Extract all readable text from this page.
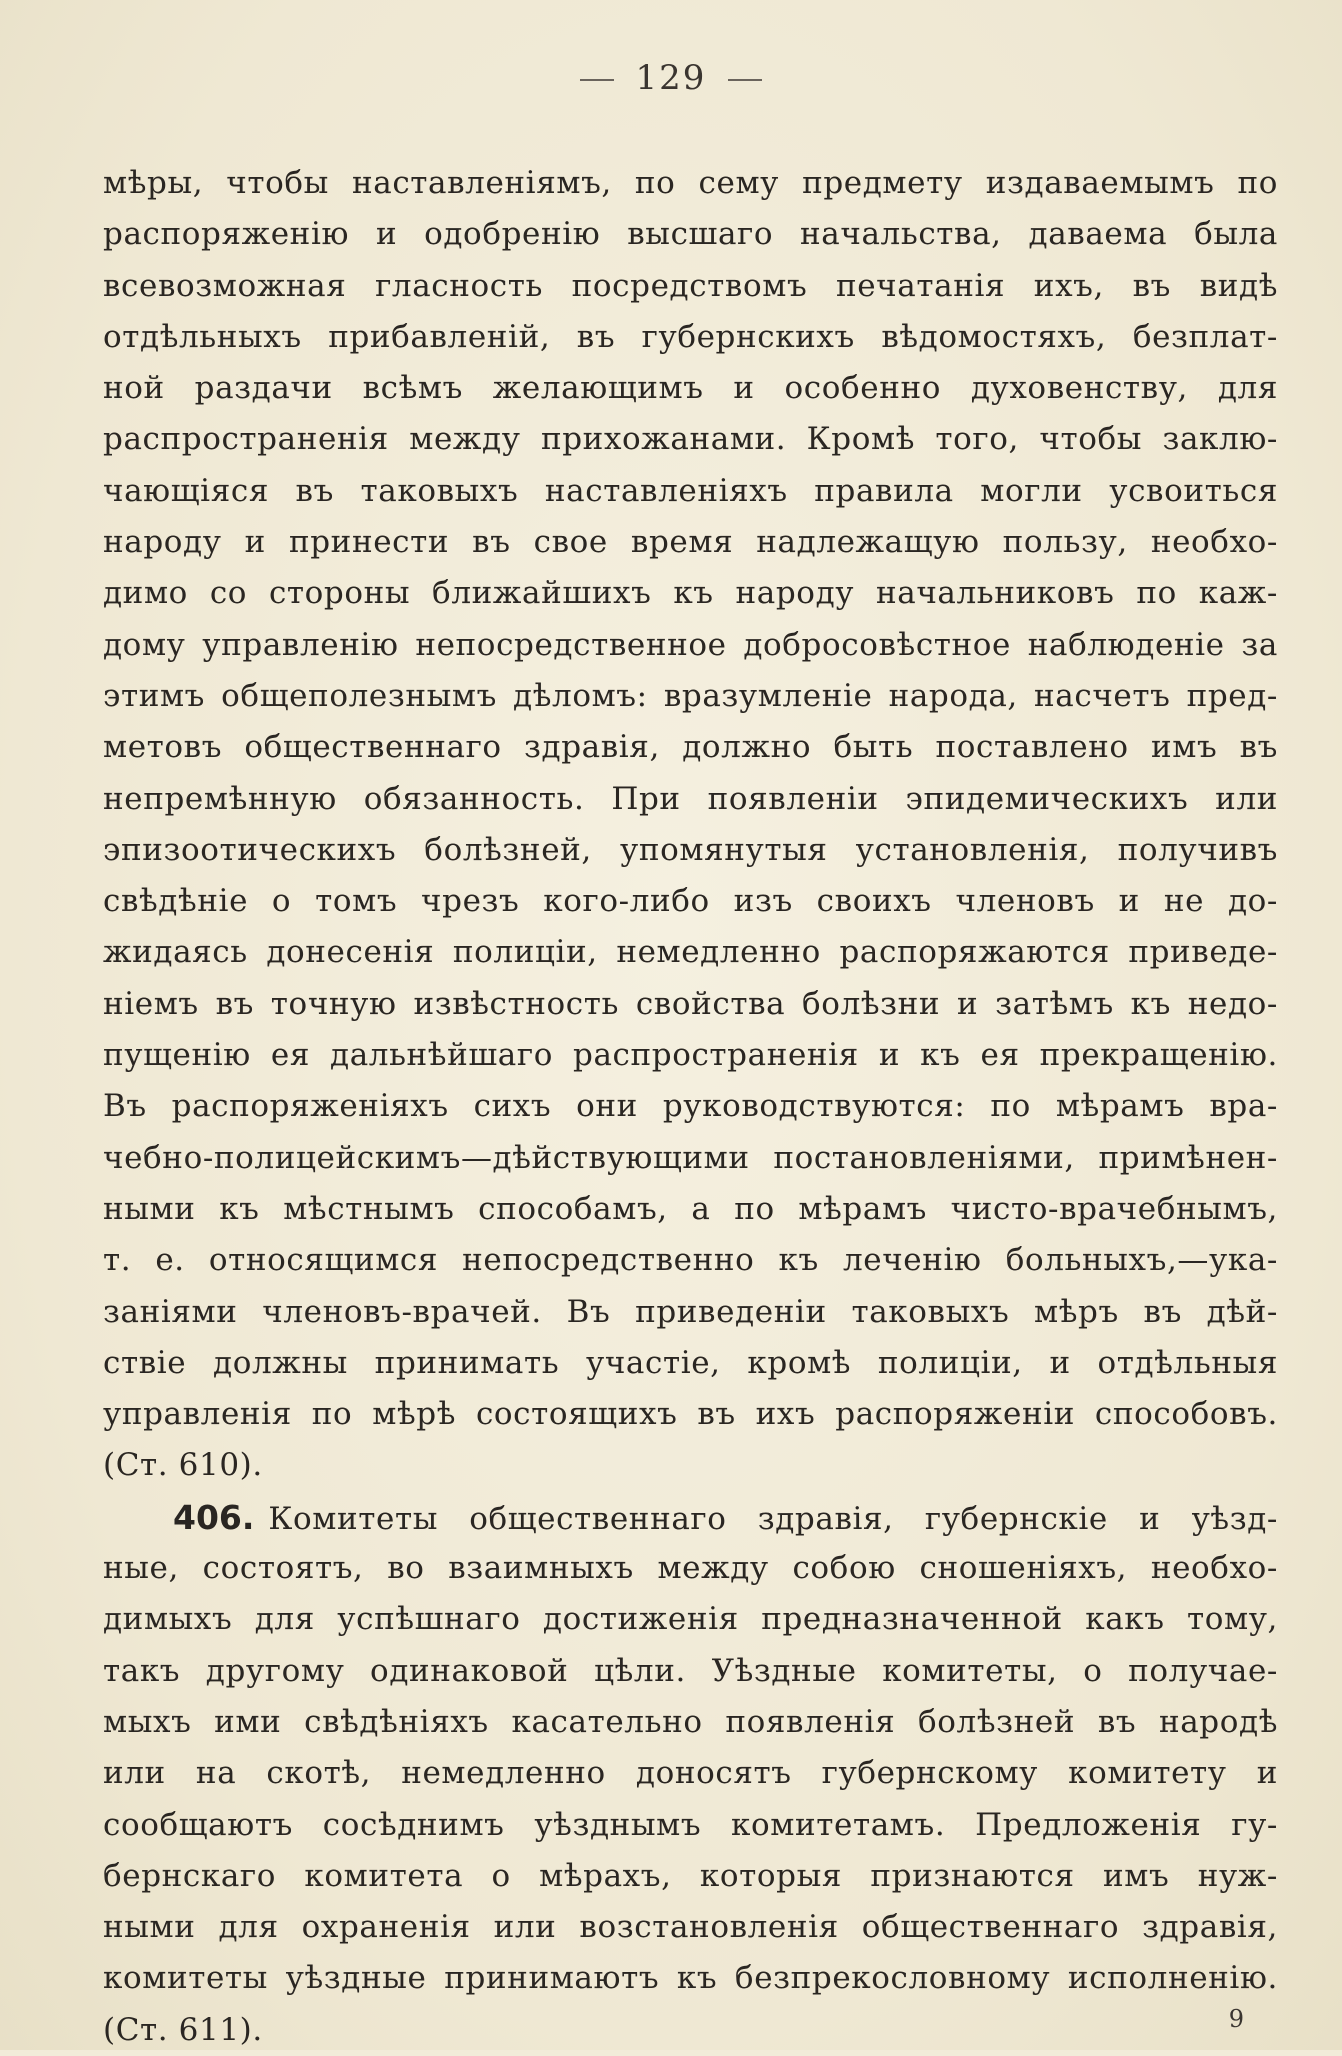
129
мѣры, чтобы наставленіямъ, по сему предмету издаваемымъ по
распоряженію и одобренію высшаго начальства, даваема была
всевозможная гласность посредствомъ печатанія ихъ, въ видѣ
отдѣльныхъ прибавленій, въ губернскихъ вѣдомостяхъ, безплат-
ной раздачи всѣмъ желающимъ и особенно духовенству, для
распространенія между прихожанами. Кромѣ того, чтобы заклю-
чающіяся въ таковыхъ наставленіяхъ правила могли усвоиться
народу и принести въ свое время надлежащую пользу, необхо-
димо со стороны ближайшихъ къ народу начальниковъ по каж-
дому управленію непосредственное добросовѣстное наблюденіе за
этимъ общеполезнымъ дѣломъ: вразумленіе народа, насчетъ пред-
метовъ общественнаго здравія, должно быть поставлено имъ въ
непремѣнную обязанность. При появленіи эпидемическихъ или
эпизоотическихъ болѣзней, упомянутыя установленія, получивъ
свѣдѣніе о томъ чрезъ кого-либо изъ своихъ членовъ и не до-
жидаясь донесенія полиціи, немедленно распоряжаются приведе-
ніемъ въ точную извѣстность свойства болѣзни и затѣмъ къ недо-
пущенію ея дальнѣйшаго распространенія и къ ея прекращенію.
Въ распоряженіяхъ сихъ они руководствуются: по мѣрамъ вра-
чебно-полицейскимъ—дѣйствующими постановленіями, примѣнен-
ными къ мѣстнымъ способамъ, а по мѣрамъ чисто-врачебнымъ,
т. е. относящимся непосредственно къ леченію больныхъ,—ука-
заніями членовъ-врачей. Въ приведеніи таковыхъ мѣръ въ дѣй-
ствіе должны принимать участіе, кромѣ полиціи, и отдѣльныя
управленія по мѣрѣ состоящихъ въ ихъ распоряженіи способовъ.
(Ст. 610).
406. Комитеты общественнаго здравія, губернскіе и уѣзд-
ные, состоятъ, во взаимныхъ между собою сношеніяхъ, необхо-
димыхъ для успѣшнаго достиженія предназначенной какъ тому,
такъ другому одинаковой цѣли. Уѣздные комитеты, о получае-
мыхъ ими свѣдѣніяхъ касательно появленія болѣзней въ народѣ
или на скотѣ, немедленно доносятъ губернскому комитету и
сообщаютъ сосѣднимъ уѣзднымъ комитетамъ. Предложенія гу-
бернскаго комитета о мѣрахъ, которыя признаются имъ нуж-
ными для охраненія или возстановленія общественнаго здравія,
комитеты уѣздные принимаютъ къ безпрекословному исполненію.
(Ст. 611).	9
